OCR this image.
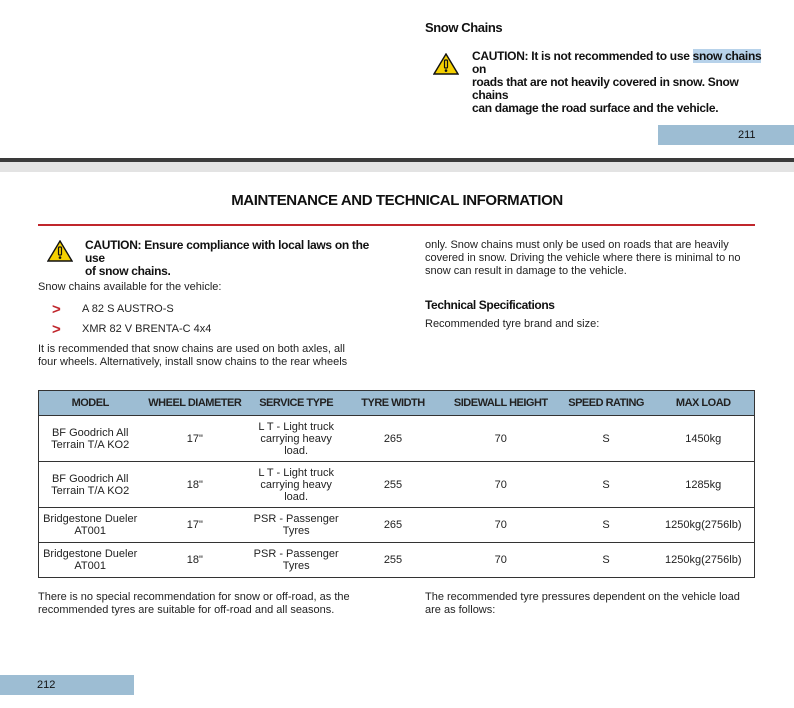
Snow Chains
CAUTION: It is not recommended to use snow chains on
roads that are not heavily covered in snow. Snow chains
can damage the road surface and the vehicle.
211
MAINTENANCE AND TECHNICAL INFORMATION
CAUTION: Ensure compliance with local laws on the use
of snow chains.
Snow chains available for the vehicle:
> A 82 S AUSTRO-S
> XMR 82 V BRENTA-C 4x4
It is recommended that snow chains are used on both axles, all
four wheels. Alternatively, install snow chains to the rear wheels
only. Snow chains must only be used on roads that are heavily
covered in snow. Driving the vehicle where there is minimal to no
snow can result in damage to the vehicle.
Technical Specifications
Recommended tyre brand and size:
MODEL	WHEEL DIAMETER	SERVICE TYPE	TYRE WIDTH	SIDEWALL HEIGHT	SPEED RATING	MAX LOAD
BF Goodrich All Terrain T/A KO2	17"	L T - Light truck carrying heavy load.	265	70	S	1450kg
BF Goodrich All Terrain T/A KO2	18"	L T - Light truck carrying heavy load.	255	70	S	1285kg
Bridgestone Dueler AT001	17"	PSR - Passenger Tyres	265	70	S	1250kg(2756lb)
Bridgestone Dueler AT001	18"	PSR - Passenger Tyres	255	70	S	1250kg(2756lb)
There is no special recommendation for snow or off-road, as the
recommended tyres are suitable for off-road and all seasons.
The recommended tyre pressures dependent on the vehicle load
are as follows:
212
